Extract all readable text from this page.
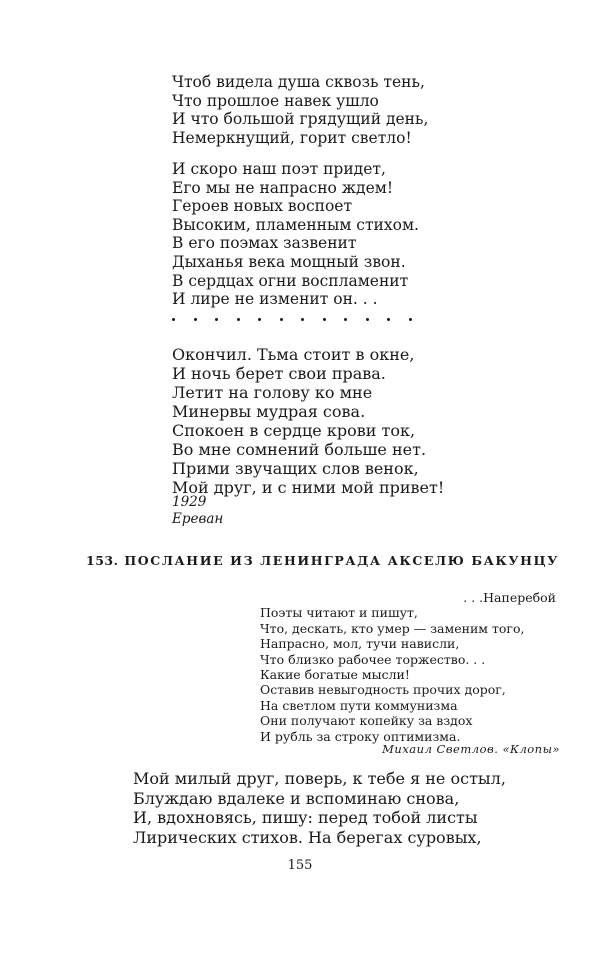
Чтоб видела душа сквозь тень,
Что прошлое навек ушло
И что большой грядущий день,
Немеркнущий, горит светло!
И скоро наш поэт придет,
Его мы не напрасно ждем!
Героев новых воспоет
Высоким, пламенным стихом.
В его поэмах зазвенит
Дыханья века мощный звон.
В сердцах огни воспламенит
И лире не изменит он. . .
Окончил. Тьма стоит в окне,
И ночь берет свои права.
Летит на голову ко мне
Минервы мудрая сова.
Спокоен в сердце крови ток,
Во мне сомнений больше нет.
Прими звучащих слов венок,
Мой друг, и с ними мой привет!
1929
Ереван
153. ПОСЛАНИЕ ИЗ ЛЕНИНГРАДА АКСЕЛЮ БАКУНЦУ
. . .Наперебой
Поэты читают и пишут,
Что, дескать, кто умер — заменим того,
Напрасно, мол, тучи нависли,
Что близко рабочее торжество. . .
Какие богатые мысли!
Оставив невыгодность прочих дорог,
На светлом пути коммунизма
Они получают копейку за вздох
И рубль за строку оптимизма.
Михаил Светлов. «Клопы»
Мой милый друг, поверь, к тебе я не остыл,
Блуждаю вдалеке и вспоминаю снова,
И, вдохновясь, пишу: перед тобой листы
Лирических стихов. На берегах суровых,
155
